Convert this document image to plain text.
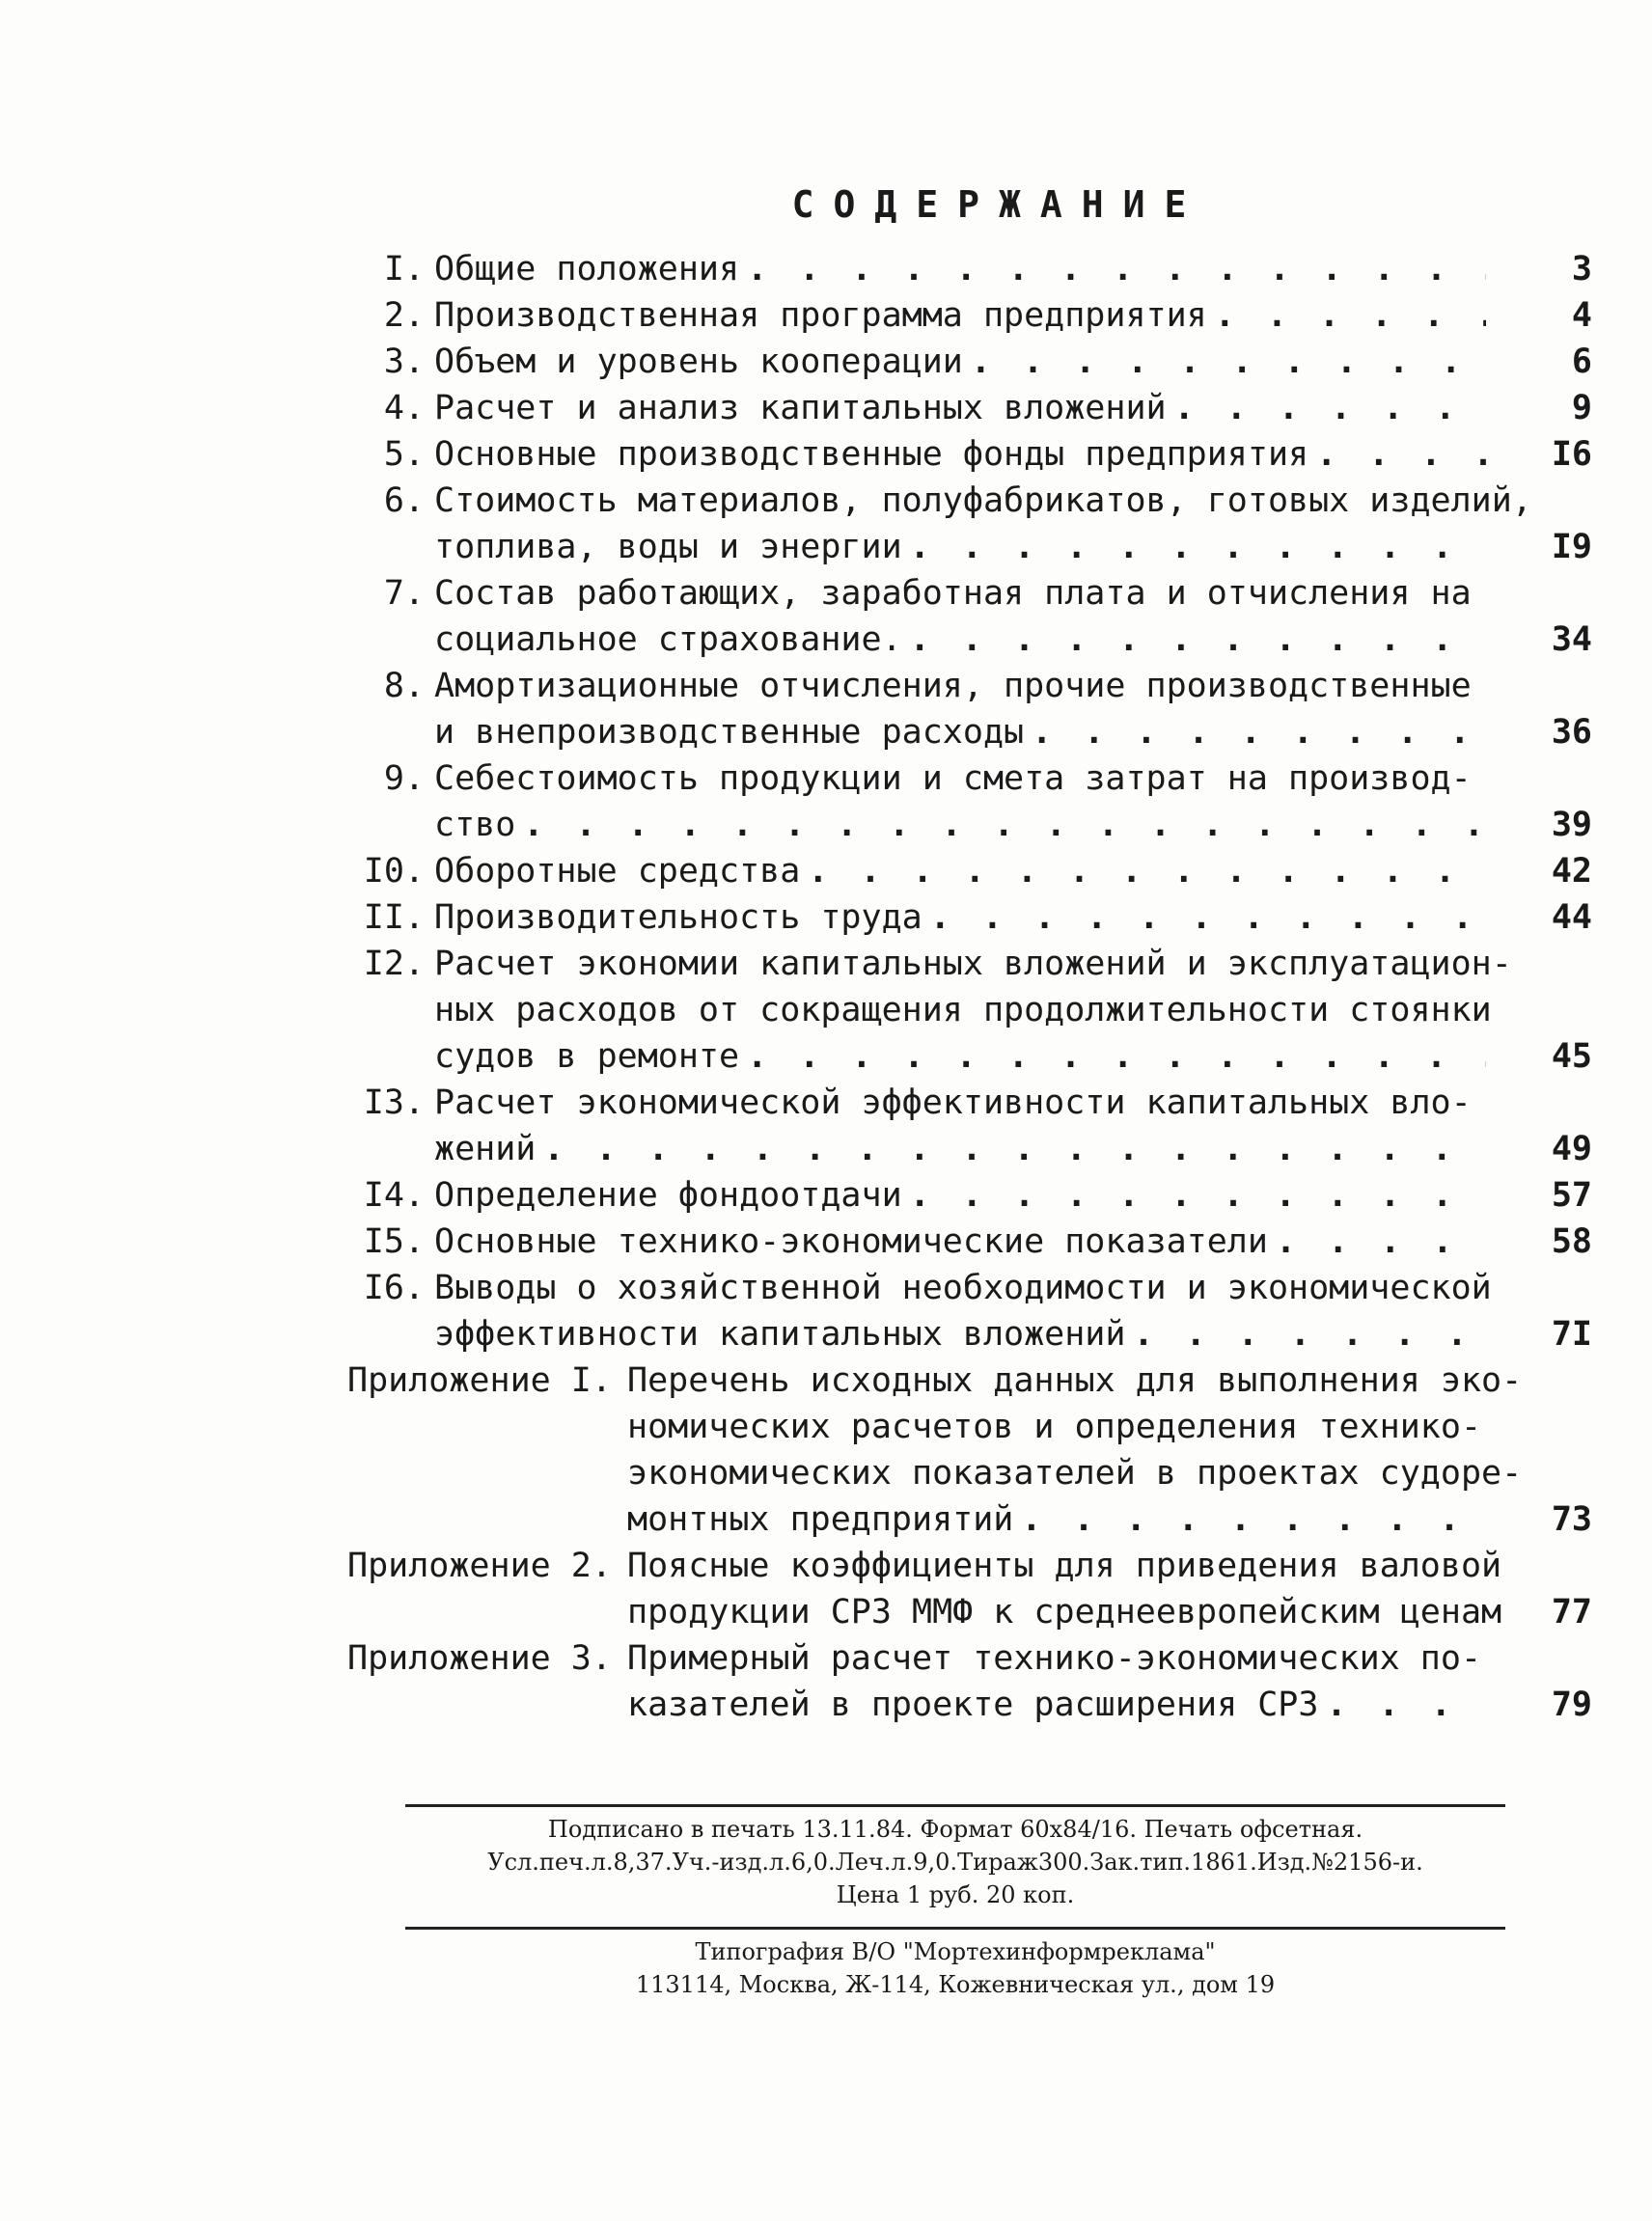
СОДЕРЖАНИЕ
I. Общие положения . . .	3
2. Производственная программа предприятия . . .	4
3. Объем и уровень кооперации . . .	6
4. Расчет и анализ капитальных вложений . . .	9
5. Основные производственные фонды предприятия . . .	I6
6. Стоимость материалов, полуфабрикатов, готовых изделий,
топлива, воды и энергии . . .	I9
7. Состав работающих, заработная плата и отчисления на
социальное страхование. . . .	34
8. Амортизационные отчисления, прочие производственные
и внепроизводственные расходы . . .	36
9. Себестоимость продукции и смета затрат на производ-
ство . . .	39
I0. Оборотные средства . . .	42
II. Производительность труда . . .	44
I2. Расчет экономии капитальных вложений и эксплуатацион-
ных расходов от сокращения продолжительности стоянки
судов в ремонте . . .	45
I3. Расчет экономической эффективности капитальных вло-
жений . . .	49
I4. Определение фондоотдачи . . .	57
I5. Основные технико-экономические показатели . . .	58
I6. Выводы о хозяйственной необходимости и экономической
эффективности капитальных вложений . . .	7I
Приложение I. Перечень исходных данных для выполнения эко-
номических расчетов и определения технико-
экономических показателей в проектах судоре-
монтных предприятий . . .	73
Приложение 2. Поясные коэффициенты для приведения валовой
продукции СРЗ ММФ к среднеевропейским ценам . . .	77
Приложение 3. Примерный расчет технико-экономических по-
казателей в проекте расширения СРЗ . . .	79
Подписано в печать 13.11.84. Формат 60х84/16. Печать офсетная.
Усл.печ.л.8,37.Уч.-изд.л.6,0.Леч.л.9,0.Тираж300.Зак.тип.1861.Изд.№2156-и.
Цена 1 руб. 20 коп.
Типография В/О "Мортехинформреклама"
113114, Москва, Ж-114, Кожевническая ул., дом 19
